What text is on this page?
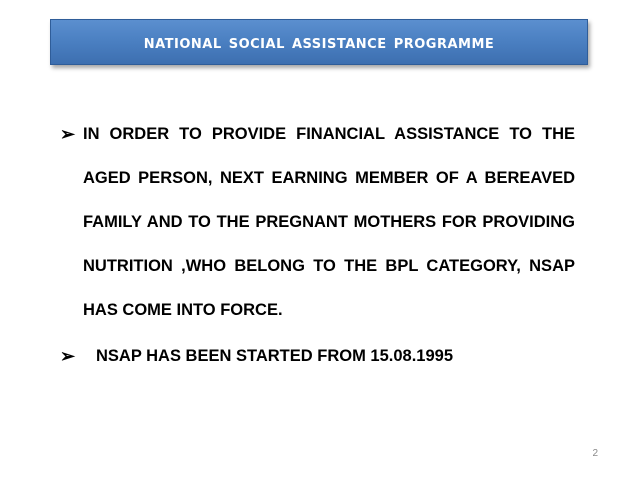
national social assistance programme
➢ IN ORDER TO PROVIDE FINANCIAL ASSISTANCE TO THE AGED PERSON, NEXT EARNING MEMBER OF A BEREAVED FAMILY AND TO THE PREGNANT MOTHERS FOR PROVIDING NUTRITION ,WHO BELONG TO THE BPL CATEGORY, NSAP HAS COME INTO FORCE.
➢ NSAP HAS BEEN STARTED FROM 15.08.1995
2
